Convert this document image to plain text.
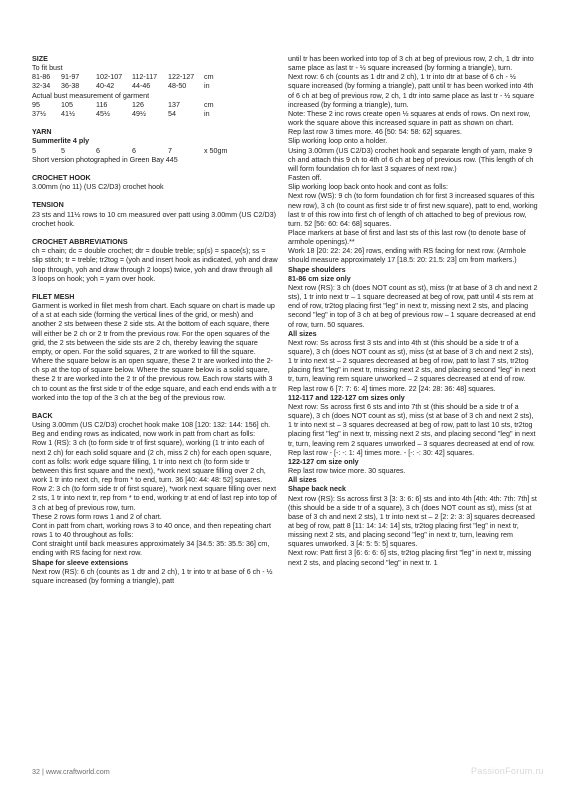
SIZE

To fit bust

81-86	91-97	102-107	112-117	122-127	cm
32-34	36-38	40-42	44-46	48-50	in

Actual bust measurement of garment

95	105	116	126	137	cm
37½	41½	45½	49½	54	in
YARN
Summerlite 4 ply
5	5	6	6	7	x 50gm

Short version photographed in Green Bay 445

CROCHET HOOK

3.00mm (no 11) (US C2/D3) crochet hook

TENSION

23 sts and 11½ rows to 10 cm measured over patt using 3.00mm (US C2/D3) crochet hook.

CROCHET ABBREVIATIONS

ch = chain; dc = double crochet; dtr = double treble; sp(s) = space(s); ss = slip stitch; tr = treble; tr2tog = (yoh and insert hook as indicated, yoh and draw loop through, yoh and draw through 2 loops) twice, yoh and draw through all 3 loops on hook; yoh = yarn over hook.

FILET MESH

Garment is worked in filet mesh from chart. Each square on chart is made up of a st at each side (forming the vertical lines of the grid, or mesh) and another 2 sts between these 2 side sts. At the bottom of each square, there will either be 2 ch or 2 tr from the previous row. For the open squares of the grid, the 2 sts between the side sts are 2 ch, thereby leaving the square empty, or open. For the solid squares, 2 tr are worked to fill the square. Where the square below is an open square, these 2 tr are worked into the 2-ch sp at the top of square below. Where the square below is a solid square, these 2 tr are worked into the 2 tr of the previous row. Each row starts with 3 ch to count as the first side tr of the edge square, and each end ends with a tr worked into the top of the 3 ch at the beg of the previous row.

BACK

Using 3.00mm (US C2/D3) crochet hook make 108 [120: 132: 144: 156] ch.

Beg and ending rows as indicated, now work in patt from chart as folls:

Row 1 (RS): 3 ch (to form side tr of first square), working (1 tr into each of next 2 ch) for each solid square and (2 ch, miss 2 ch) for each open square, cont as folls: work edge square filling, 1 tr into next ch (to form side tr between this first square and the next), *work next square filling over 2 ch, work 1 tr into next ch, rep from * to end, turn. 36 [40: 44: 48: 52] squares.

Row 2: 3 ch (to form side tr of first square), *work next square filling over next 2 sts, 1 tr into next tr, rep from * to end, working tr at end of last rep into top of 3 ch at beg of previous row, turn.

These 2 rows form rows 1 and 2 of chart.

Cont in patt from chart, working rows 3 to 40 once, and then repeating chart rows 1 to 40 throughout as folls:

Cont straight until back measures approximately 34 [34.5: 35: 35.5: 36] cm, ending with RS facing for next row.

Shape for sleeve extensions

Next row (RS): 6 ch (counts as 1 dtr and 2 ch), 1 tr into tr at base of 6 ch - ½ square increased (by forming a triangle), patt

until tr has been worked into top of 3 ch at beg of previous row, 2 ch, 1 dtr into same place as last tr - ½ square increased (by forming a triangle), turn.

Next row: 6 ch (counts as 1 dtr and 2 ch), 1 tr into dtr at base of 6 ch - ½ square increased (by forming a triangle), patt until tr has been worked into 4th of 6 ch at beg of previous row, 2 ch, 1 dtr into same place as last tr - ½ square increased (by forming a triangle), turn.

Note: These 2 inc rows create open ½ squares at ends of rows. On next row, work the square above this increased square in patt as shown on chart.

Rep last row 3 times more. 46 [50: 54: 58: 62] squares.

Slip working loop onto a holder.

Using 3.00mm (US C2/D3) crochet hook and separate length of yarn, make 9 ch and attach this 9 ch to 4th of 6 ch at beg of previous row. (This length of ch will form foundation ch for last 3 squares of next row.)

Fasten off.

Slip working loop back onto hook and cont as folls:

Next row (WS): 9 ch (to form foundation ch for first 3 increased squares of this new row), 3 ch (to count as first side tr of first new square), patt to end, working last tr of this row into first ch of length of ch attached to beg of previous row, turn. 52 [56: 60: 64: 68] squares.

Place markers at base of first and last sts of this last row (to denote base of armhole openings).**

Work 18 [20: 22: 24: 26] rows, ending with RS facing for next row. (Armhole should measure approximately 17 [18.5: 20: 21.5: 23] cm from markers.)

Shape shoulders
81-86 cm size only

Next row (RS): 3 ch (does NOT count as st), miss (tr at base of 3 ch and next 2 sts), 1 tr into next tr – 1 square decreased at beg of row, patt until 4 sts rem at end of row, tr2tog placing first "leg" in next tr, missing next 2 sts, and placing second "leg" in top of 3 ch at beg of previous row – 1 square decreased at end of row, turn. 50 squares.

All sizes

Next row: Ss across first 3 sts and into 4th st (this should be a side tr of a square), 3 ch (does NOT count as st), miss (st at base of 3 ch and next 2 sts), 1 tr into next st – 2 squares decreased at beg of row, patt to last 7 sts, tr2tog placing first "leg" in next tr, missing next 2 sts, and placing second "leg" in next tr, turn, leaving rem square unworked – 2 squares decreased at end of row.

Rep last row 6 [7: 7: 6: 4] times more. 22 [24: 28: 36: 48] squares.

112-117 and 122-127 cm sizes only

Next row: Ss across first 6 sts and into 7th st (this should be a side tr of a square), 3 ch (does NOT count as st), miss (st at base of 3 ch and next 2 sts), 1 tr into next st – 3 squares decreased at beg of row, patt to last 10 sts, tr2tog placing first "leg" in next tr, missing next 2 sts, and placing second "leg" in next tr, turn, leaving rem 2 squares unworked – 3 squares decreased at end of row.

Rep last row - [-: -: 1: 4] times more. - [-: -: 30: 42] squares.

122-127 cm size only

Rep last row twice more. 30 squares.

All sizes
Shape back neck

Next row (RS): Ss across first 3 [3: 3: 6: 6] sts and into 4th [4th: 4th: 7th: 7th] st (this should be a side tr of a square), 3 ch (does NOT count as st), miss (st at base of 3 ch and next 2 sts), 1 tr into next st – 2 [2: 2: 3: 3] squares decreased at beg of row, patt 8 [11: 14: 14: 14] sts, tr2tog placing first "leg" in next tr, missing next 2 sts, and placing second "leg" in next tr, turn, leaving rem squares unworked. 3 [4: 5: 5: 5] squares.

Next row: Patt first 3 [6: 6: 6: 6] sts, tr2tog placing first "leg" in next tr, missing next 2 sts, and placing second "leg" in next tr. 1

32 | www.craftworld.com	PassionForum.ru
